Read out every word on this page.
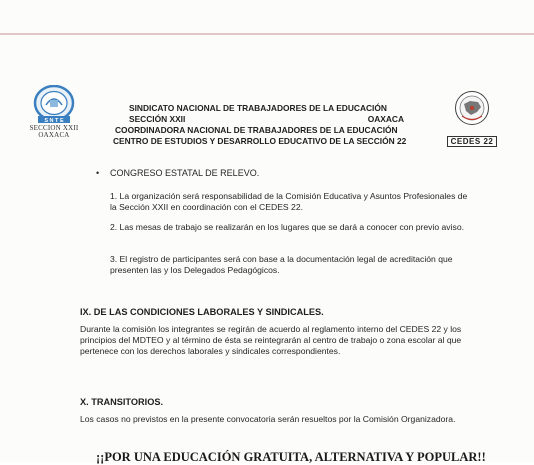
S N T E
SECCION XXII
OAXACA
CEDES 22
SINDICATO NACIONAL DE TRABAJADORES DE LA EDUCACIÓN
SECCIÓN XXII	OAXACA
COORDINADORA NACIONAL DE TRABAJADORES DE LA EDUCACIÓN
CENTRO DE ESTUDIOS Y DESARROLLO EDUCATIVO DE LA SECCIÓN 22
•	CONGRESO ESTATAL DE RELEVO.
1. La organización será responsabilidad de la Comisión Educativa y Asuntos Profesionales de la Sección XXII en coordinación con el CEDES 22.
2. Las mesas de trabajo se realizarán en los lugares que se dará a conocer con previo aviso.
3. El registro de participantes será con base a la documentación legal de acreditación que presenten las y los Delegados Pedagógicos.
IX. DE LAS CONDICIONES LABORALES Y SINDICALES.
Durante la comisión los integrantes se regirán de acuerdo al reglamento interno del CEDES 22 y los principios del MDTEO y al término de ésta se reintegrarán al centro de trabajo o zona escolar al que pertenece con los derechos laborales y sindicales correspondientes.
X. TRANSITORIOS.
Los casos no previstos en la presente convocatoria serán resueltos por la Comisión Organizadora.
¡¡POR UNA EDUCACIÓN GRATUITA, ALTERNATIVA Y POPULAR!!
